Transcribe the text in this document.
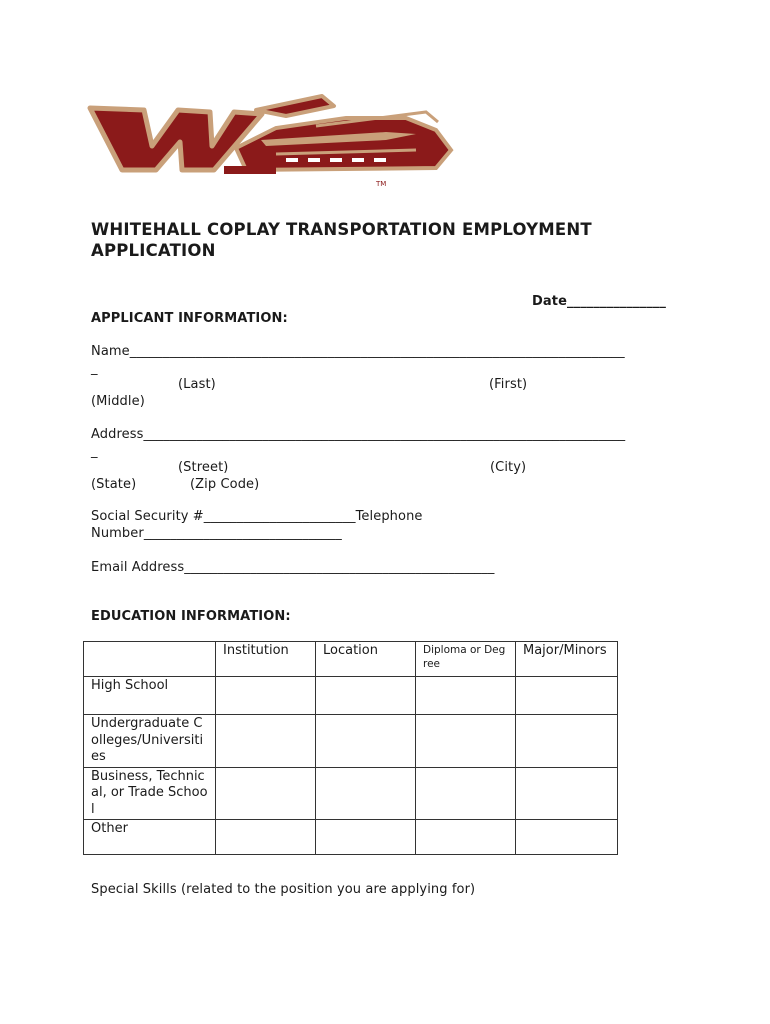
TM
WHITEHALL COPLAY TRANSPORTATION EMPLOYMENT
APPLICATION
Date_______________
APPLICANT INFORMATION:
Name___________________________________________________________________________
_
(Last)	(First)
(Middle)
Address_________________________________________________________________________
_
(Street)	(City)
(State)	(Zip Code)
Social Security #_______________________Telephone
Number______________________________
Email Address_______________________________________________
EDUCATION INFORMATION:
	Institution	Location	Diploma or Degree	Major/Minors
High School				
Undergraduate Colleges/Universities				
Business, Technical, or Trade School				
Other				
Special Skills (related to the position you are applying for)
